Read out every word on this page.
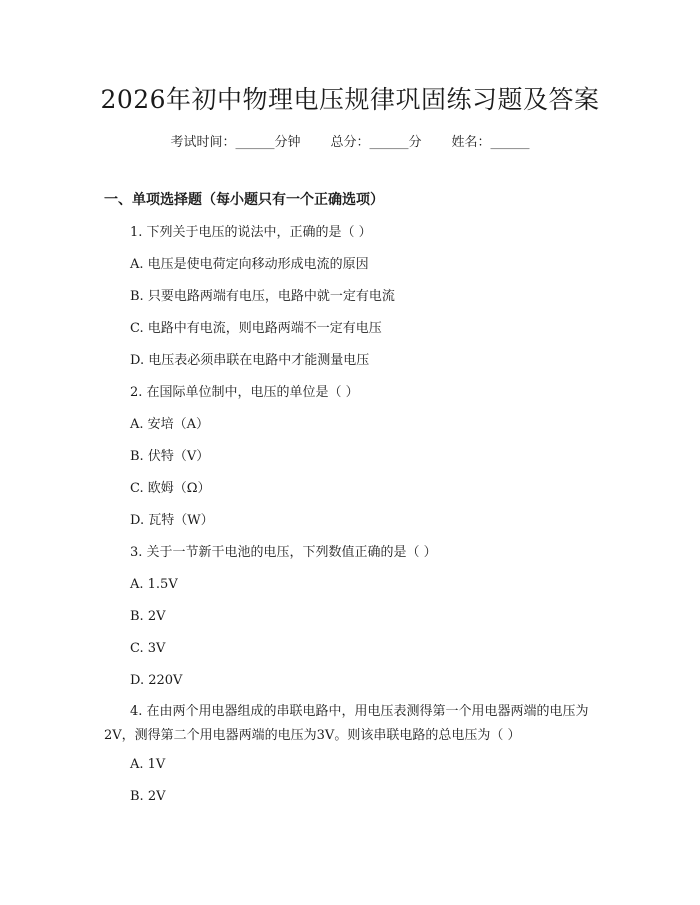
2026年初中物理电压规律巩固练习题及答案
考试时间：______分钟 总分：______分 姓名：______
一、单项选择题（每小题只有一个正确选项）
1. 下列关于电压的说法中，正确的是（ ）
A. 电压是使电荷定向移动形成电流的原因
B. 只要电路两端有电压，电路中就一定有电流
C. 电路中有电流，则电路两端不一定有电压
D. 电压表必须串联在电路中才能测量电压
2. 在国际单位制中，电压的单位是（ ）
A. 安培（A）
B. 伏特（V）
C. 欧姆（Ω）
D. 瓦特（W）
3. 关于一节新干电池的电压，下列数值正确的是（ ）
A. 1.5V
B. 2V
C. 3V
D. 220V
4. 在由两个用电器组成的串联电路中，用电压表测得第一个用电器两端的电压为2V，测得第二个用电器两端的电压为3V。则该串联电路的总电压为（ ）
A. 1V
B. 2V
